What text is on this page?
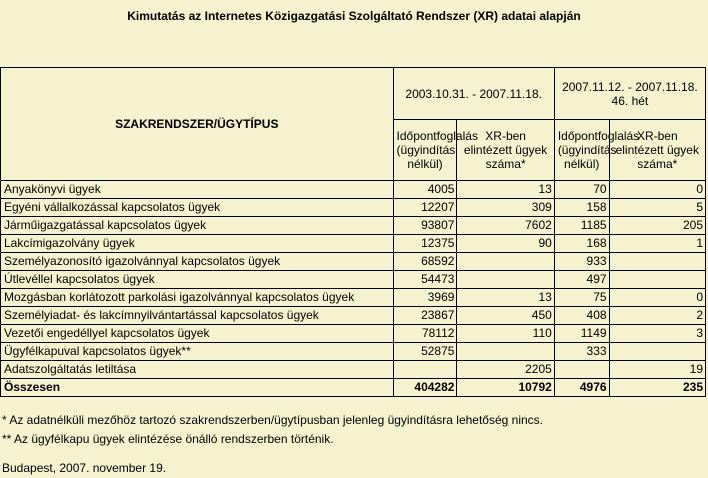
Kimutatás az Internetes Közigazgatási Szolgáltató Rendszer (XR) adatai alapján
SZAKRENDSZER/ÜGYTÍPUS	2003.10.31. - 2007.11.18.		2007.11.12. - 2007.11.18.
46. hét	
	Időpontfoglalás (ügyindítás nélkül)	XR-ben elintézett ügyek száma*	Időpontfoglalás (ügyindítás nélkül)	XR-ben elintézett ügyek száma*
Anyakönyvi ügyek	4005	13	70	0
Egyéni vállalkozással kapcsolatos ügyek	12207	309	158	5
Járműigazgatással kapcsolatos ügyek	93807	7602	1185	205
Lakcímigazolvány ügyek	12375	90	168	1
Személyazonosító igazolvánnyal kapcsolatos ügyek	68592		933	
Útlevéllel kapcsolatos ügyek	54473		497	
Mozgásban korlátozott parkolási igazolvánnyal kapcsolatos ügyek	3969	13	75	0
Személyiadat- és lakcímnyilvántartással kapcsolatos ügyek	23867	450	408	2
Vezetői engedéllyel kapcsolatos ügyek	78112	110	1149	3
Ügyfélkapuval kapcsolatos ügyek**	52875		333	
Adatszolgáltatás letiltása		2205		19
Összesen	404282	10792	4976	235
* Az adatnélküli mezőhöz tartozó szakrendszerben/ügytípusban jelenleg ügyindításra lehetőség nincs.
** Az ügyfélkapu ügyek elintézése önálló rendszerben történik.
Budapest, 2007. november 19.
